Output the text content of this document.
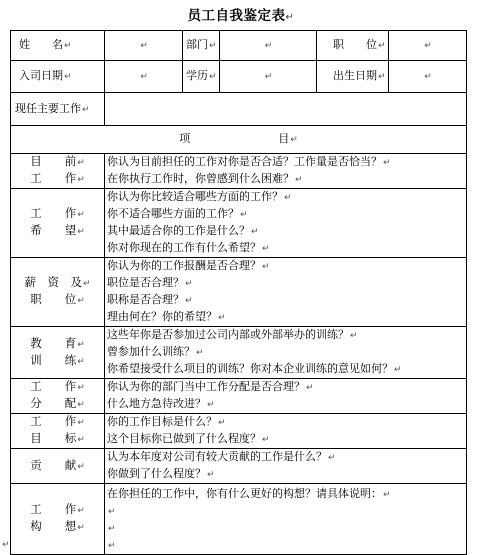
员工自我鉴定表↵
姓　　名↵	↵	部门↵	↵	职　　位↵	↵
入司日期↵	↵	学历↵	↵	出生日期↵	↵
现任主要工作↵					
项　　　　　　　　目↵					

目　　前↵
工　　作↵	你认为目前担任的工作对你是否合适？工作量是否恰当？↵
在你执行工作时，你曾感到什么困难？↵				

工　　作↵
希　　望↵	你认为你比较适合哪些方面的工作？↵
你不适合哪些方面的工作？↵
其中最适合你的工作是什么？↵
你对你现在的工作有什么希望？↵				

薪　资　及↵
职　　位↵	你认为你的工作报酬是否合理？↵
职位是否合理？↵
职称是否合理？↵
理由何在？你的希望？↵				

教　　育↵
训　　练↵	这些年你是否参加过公司内部或外部举办的训练？↵
曾参加什么训练？↵
你希望接受什么项目的训练？你对本企业训练的意见如何？↵				

工　　作↵
分　　配↵	你认为你的部门当中工作分配是否合理？↵
什么地方急待改进？↵				

工　　作↵
目　　标↵	你的工作目标是什么？↵
这个目标你已做到了什么程度？↵				

贡　　献↵	认为本年度对公司有较大贡献的工作是什么？↵
你做到了什么程度？↵				

工　　作↵
构　　想↵	在你担任的工作中，你有什么更好的构想？请具体说明：↵
↵
↵
↵				
↵
